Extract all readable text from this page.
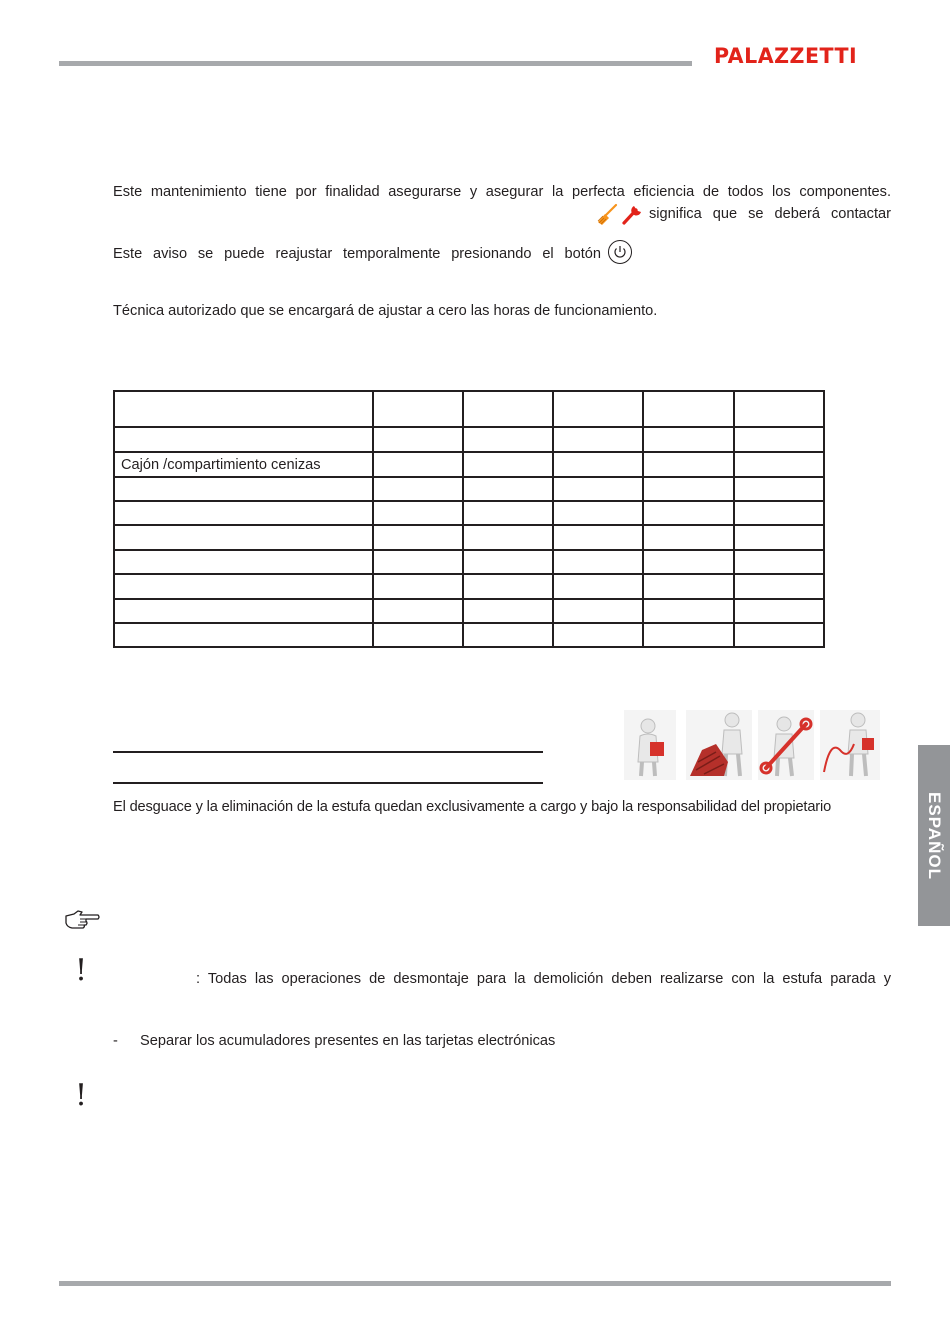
PALAZZETTI
Este mantenimiento tiene por finalidad asegurarse y asegurar la perfecta eficiencia de todos los componentes.
significa que se deberá contactar
Este aviso se puede reajustar temporalmente presionando el botón
Técnica autorizado que se encargará de ajustar a cero las horas de funcionamiento.

Cajón /compartimiento cenizas					

El desguace y la eliminación de la estufa quedan exclusivamente a cargo y bajo la responsabilidad del propietario	ESPAÑOL
!	: Todas las operaciones de desmontaje para la demolición deben realizarse con la estufa parada y
- Separar los acumuladores presentes en las tarjetas electrónicas
!
